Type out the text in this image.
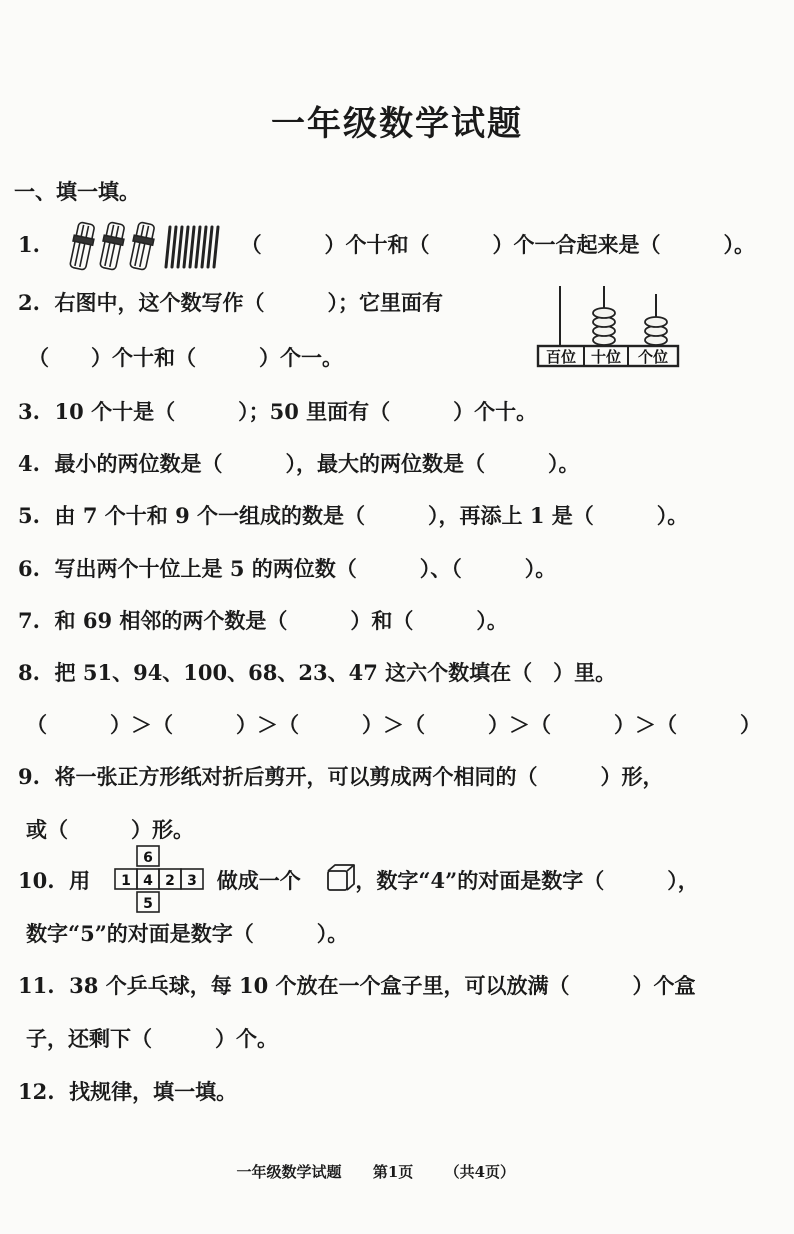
一年级数学试题
一、填一填。
1.	（　　　）个十和（　　　）个一合起来是（　　　）。
2.  右图中，这个数写作（　　　）；它里面有
（　　）个十和（　　　）个一。	百位 十位 个位
3.  10 个十是（　　　）；50 里面有（　　　）个十。
4.  最小的两位数是（　　　），最大的两位数是（　　　）。
5.  由 7 个十和 9 个一组成的数是（　　　），再添上 1 是（　　　）。
6.  写出两个十位上是 5 的两位数（　　　）、（　　　）。
7.  和 69 相邻的两个数是（　　　）和（　　　）。
8.  把 51、94、100、68、23、47 这六个数填在（　）里。
（　　　）＞（　　　）＞（　　　）＞（　　　）＞（　　　）＞（　　　）
9.  将一张正方形纸对折后剪开，可以剪成两个相同的（　　　）形，
或（　　　）形。
10.  用	做成一个	，数字“4”的对面是数字（　　　），
数字“5”的对面是数字（　　　）。
6
1 4 2 3
5
11.  38 个乒乓球，每 10 个放在一个盒子里，可以放满（　　　）个盒
子，还剩下（　　　）个。
12.  找规律，填一填。

一年级数学试题 第1页 （共4页）
